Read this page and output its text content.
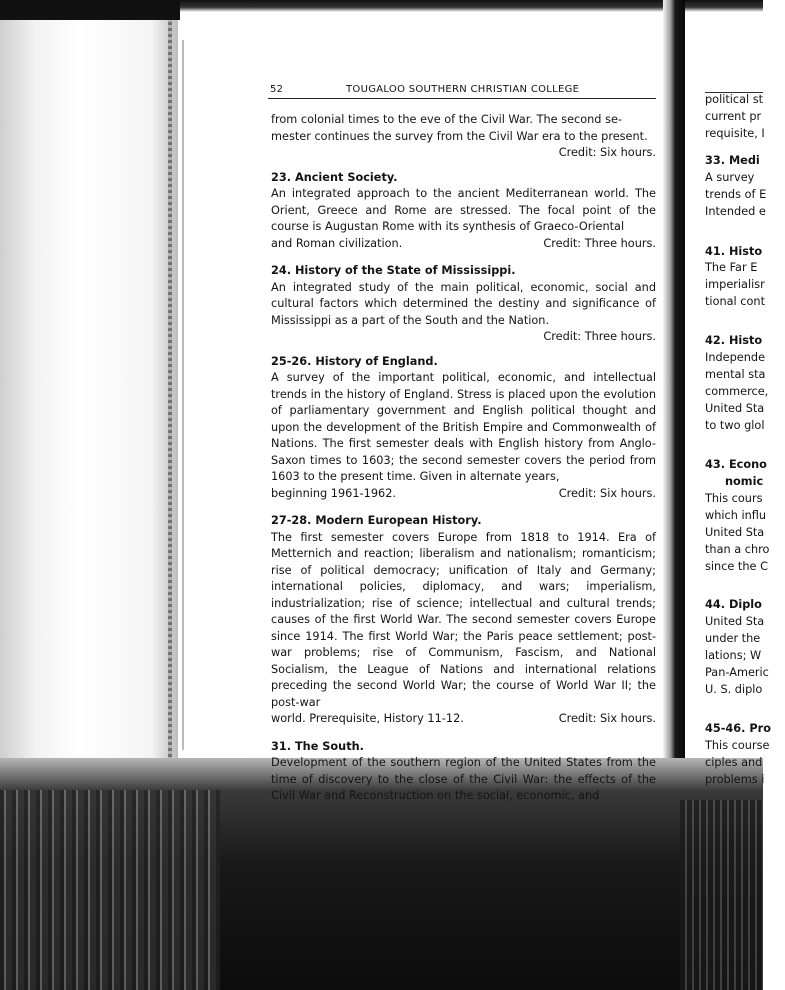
52	TOUGALOO SOUTHERN CHRISTIAN COLLEGE

from colonial times to the eve of the Civil War. The second se-

mester continues the survey from the Civil War era to the present.

Credit: Six hours.

23. Ancient Society.

An integrated approach to the ancient Mediterranean world. The Orient, Greece and Rome are stressed. The focal point of the course is Augustan Rome with its synthesis of Graeco-Oriental

and Roman civilization.	Credit: Three hours.
24. History of the State of Mississippi.

An integrated study of the main political, economic, social and cultural factors which determined the destiny and significance of Mississippi as a part of the South and the Nation.

Credit: Three hours.

25-26. History of England.

A survey of the important political, economic, and intellectual trends in the history of England. Stress is placed upon the evolution of parliamentary government and English political thought and upon the development of the British Empire and Commonwealth of Nations. The first semester deals with English history from Anglo-Saxon times to 1603; the second semester covers the period from 1603 to the present time. Given in alternate years,

beginning 1961-1962.	Credit: Six hours.
27-28. Modern European History.

The first semester covers Europe from 1818 to 1914. Era of Metternich and reaction; liberalism and nationalism; romanticism; rise of political democracy; unification of Italy and Germany; international policies, diplomacy, and wars; imperialism, industrialization; rise of science; intellectual and cultural trends; causes of the first World War. The second semester covers Europe since 1914. The first World War; the Paris peace settlement; post-war problems; rise of Communism, Fascism, and National Socialism, the League of Nations and international relations preceding the second World War; the course of World War II; the post-war

world. Prerequisite, History 11-12.	Credit: Six hours.
31. The South.

Development of the southern region of the United States from the time of discovery to the close of the Civil War: the effects of the Civil War and Reconstruction on the social, economic, and

political st
current pr
requisite, I
33. Medi
A survey
trends of E
Intended e
41. Histo
The Far E
imperialisr
tional cont
42. Histo
Independe
mental sta
commerce,
United Sta
to two glol
43. Econo
nomic
This cours
which influ
United Sta
than a chro
since the C
44. Diplo
United Sta
under the
lations; W
Pan-Americ
U. S. diplo
45-46. Pro
This course
ciples and
problems i
